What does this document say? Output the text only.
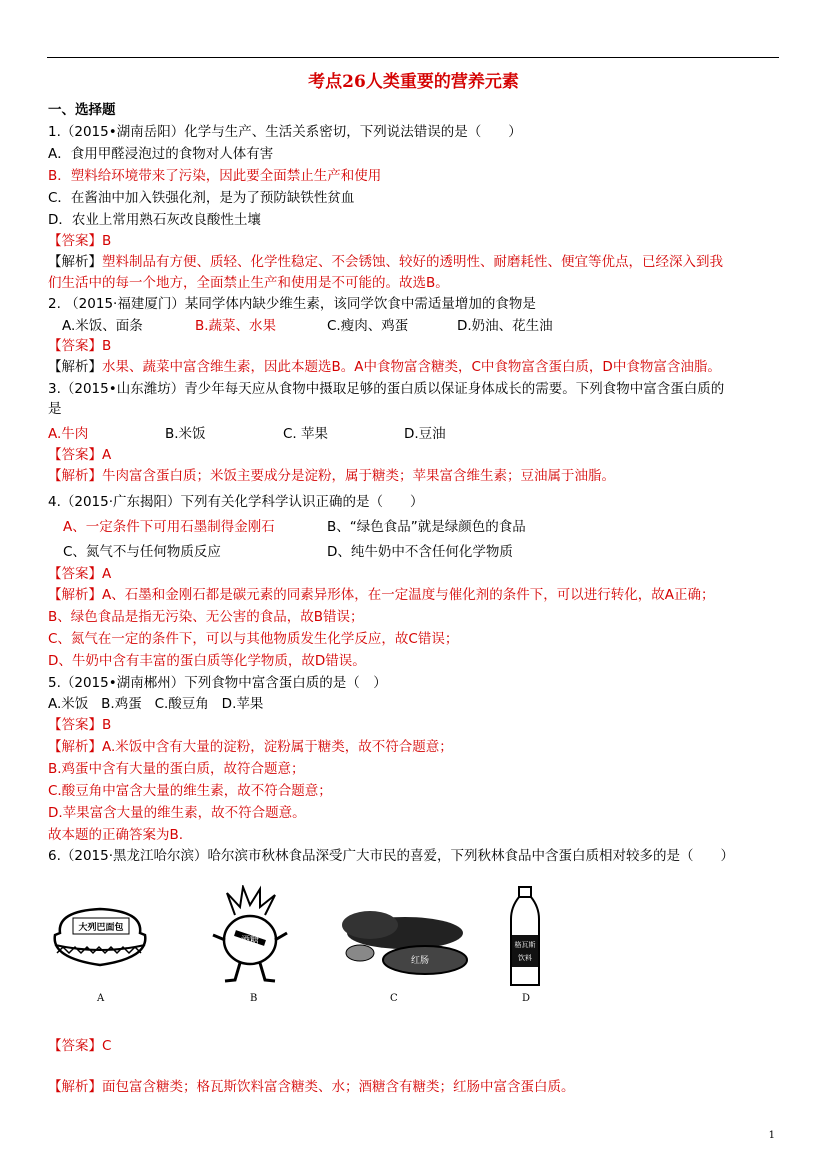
考点26人类重要的营养元素
一、选择题
1.（2015•湖南岳阳）化学与生产、生活关系密切，下列说法错误的是（　　）
A．食用甲醛浸泡过的食物对人体有害
B．塑料给环境带来了污染，因此要全面禁止生产和使用
C．在酱油中加入铁强化剂，是为了预防缺铁性贫血
D．农业上常用熟石灰改良酸性土壤
【答案】B
【解析】塑料制品有方便、质轻、化学性稳定、不会锈蚀、较好的透明性、耐磨耗性、便宜等优点，已经深入到我
们生活中的每一个地方，全面禁止生产和使用是不可能的。故选B。
2. （2015·福建厦门）某同学体内缺少维生素，该同学饮食中需适量增加的食物是
A.米饭、面条	B.蔬菜、水果	C.瘦肉、鸡蛋	D.奶油、花生油
【答案】B
【解析】水果、蔬菜中富含维生素，因此本题选B。A中食物富含糖类，C中食物富含蛋白质，D中食物富含油脂。
3.（2015•山东潍坊）青少年每天应从食物中摄取足够的蛋白质以保证身体成长的需要。下列食物中富含蛋白质的
是
A.牛肉	B.米饭	C. 苹果	D.豆油
【答案】A
【解析】牛肉富含蛋白质；米饭主要成分是淀粉，属于糖类；苹果富含维生素；豆油属于油脂。
4.（2015·广东揭阳）下列有关化学科学认识正确的是（　　）
A、一定条件下可用石墨制得金刚石	B、“绿色食品”就是绿颜色的食品
C、氮气不与任何物质反应	D、纯牛奶中不含任何化学物质
【答案】A
【解析】A、石墨和金刚石都是碳元素的同素异形体，在一定温度与催化剂的条件下，可以进行转化，故A正确；
B、绿色食品是指无污染、无公害的食品，故B错误；
C、氮气在一定的条件下，可以与其他物质发生化学反应，故C错误；
D、牛奶中含有丰富的蛋白质等化学物质，故D错误。
5.（2015•湖南郴州）下列食物中富含蛋白质的是（　）
A.米饭   B.鸡蛋   C.酸豆角   D.苹果
【答案】B
【解析】A.米饭中含有大量的淀粉，淀粉属于糖类，故不符合题意；
B.鸡蛋中含有大量的蛋白质，故符合题意；
C.酸豆角中富含大量的维生素，故不符合题意；
D.苹果富含大量的维生素，故不符合题意。
故本题的正确答案为B.
6.（2015·黑龙江哈尔滨）哈尔滨市秋林食品深受广大市民的喜爱，下列秋林食品中含蛋白质相对较多的是（　　）
大列巴面包
A
酒糖
B
红肠
C
格瓦斯
饮料
D
【答案】C
【解析】面包富含糖类；格瓦斯饮料富含糖类、水；酒糖含有糖类；红肠中富含蛋白质。
1
